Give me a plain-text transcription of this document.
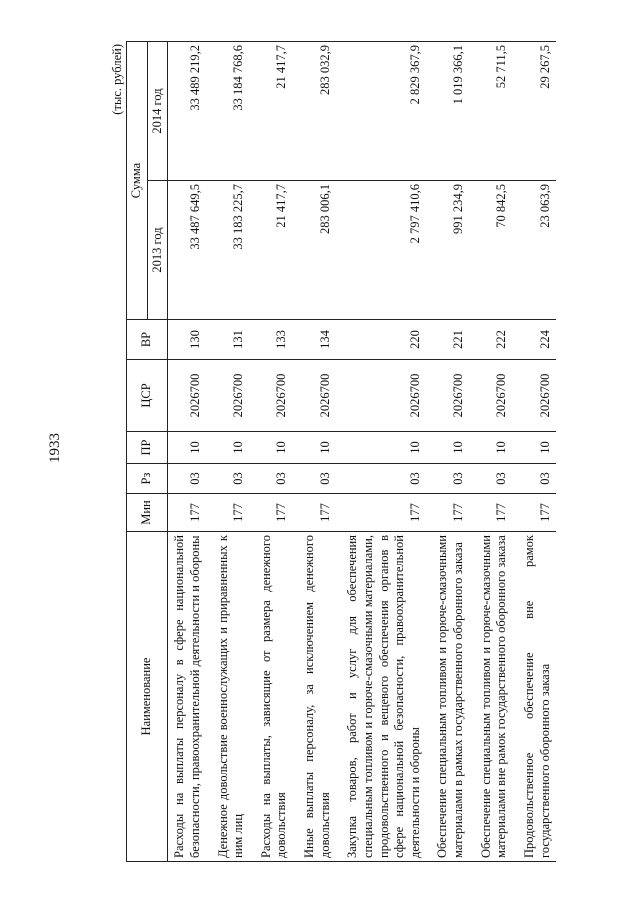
1933
(тыс. рублей)
Наименование	Мин	Рз	ПР	ЦСР	ВР	Сумма	
						2013 год	2014 год
Расходы на выплаты персоналу в сфере национальной безопасности, правоохранительной деятельности и обороны	177	03	10	2026700	130	33 487 649,5	33 489 219,2

Денежное довольствие военнослужащих и приравненных к ним лиц	177	03	10	2026700	131	33 183 225,7	33 184 768,6

Расходы на выплаты, зависящие от размера денежного довольствия	177	03	10	2026700	133	21 417,7	21 417,7

Иные выплаты персоналу, за исключением денежного довольствия	177	03	10	2026700	134	283 006,1	283 032,9

Закупка товаров, работ и услуг для обеспечения специальным топливом и горюче-смазочными материалами, продовольственного и вещевого обеспечения органов в сфере национальной безопасности, правоохранительной деятельности и обороны	177	03	10	2026700	220	2 797 410,6	2 829 367,9

Обеспечение специальным топливом и горюче-смазочными материалами в рамках государственного оборонного заказа	177	03	10	2026700	221	991 234,9	1 019 366,1

Обеспечение специальным топливом и горюче-смазочными материалами вне рамок государственного оборонного заказа	177	03	10	2026700	222	70 842,5	52 711,5

Продовольственное обеспечение вне рамок государственного оборонного заказа	177	03	10	2026700	224	23 063,9	29 267,5
